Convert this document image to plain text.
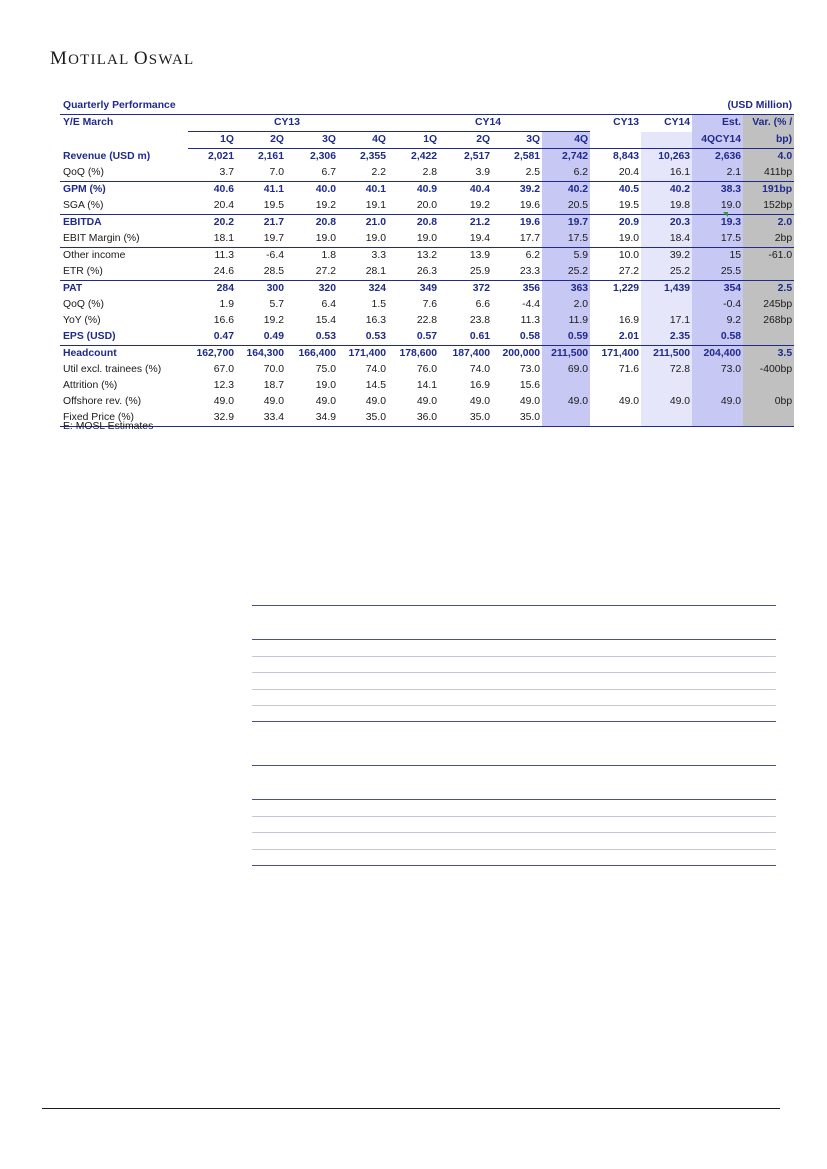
MOTILAL OSWAL
Quarterly Performance						(USD Million)						
Y/E March	CY13				CY14				CY13	CY14	Est.	Var. (% /
	1Q	2Q	3Q	4Q	1Q	2Q	3Q	4Q			4QCY14	bp)
Revenue (USD m)	2,021	2,161	2,306	2,355	2,422	2,517	2,581	2,742	8,843	10,263	2,636	4.0
QoQ (%)	3.7	7.0	6.7	2.2	2.8	3.9	2.5	6.2	20.4	16.1	2.1	411bp
GPM (%)	40.6	41.1	40.0	40.1	40.9	40.4	39.2	40.2	40.5	40.2	38.3	191bp
SGA (%)	20.4	19.5	19.2	19.1	20.0	19.2	19.6	20.5	19.5	19.8	19.0	152bp
EBITDA	20.2	21.7	20.8	21.0	20.8	21.2	19.6	19.7	20.9	20.3	19.3	2.0
EBIT Margin (%)	18.1	19.7	19.0	19.0	19.0	19.4	17.7	17.5	19.0	18.4	17.5	2bp
Other income	11.3	-6.4	1.8	3.3	13.2	13.9	6.2	5.9	10.0	39.2	15	-61.0
ETR (%)	24.6	28.5	27.2	28.1	26.3	25.9	23.3	25.2	27.2	25.2	25.5	
PAT	284	300	320	324	349	372	356	363	1,229	1,439	354	2.5
QoQ (%)	1.9	5.7	6.4	1.5	7.6	6.6	-4.4	2.0			-0.4	245bp
YoY (%)	16.6	19.2	15.4	16.3	22.8	23.8	11.3	11.9	16.9	17.1	9.2	268bp
EPS (USD)	0.47	0.49	0.53	0.53	0.57	0.61	0.58	0.59	2.01	2.35	0.58	
Headcount	162,700	164,300	166,400	171,400	178,600	187,400	200,000	211,500	171,400	211,500	204,400	3.5
Util excl. trainees (%)	67.0	70.0	75.0	74.0	76.0	74.0	73.0	69.0	71.6	72.8	73.0	-400bp
Attrition (%)	12.3	18.7	19.0	14.5	14.1	16.9	15.6					
Offshore rev. (%)	49.0	49.0	49.0	49.0	49.0	49.0	49.0	49.0	49.0	49.0	49.0	0bp
Fixed Price (%)	32.9	33.4	34.9	35.0	36.0	35.0	35.0					
E: MOSL Estimates
